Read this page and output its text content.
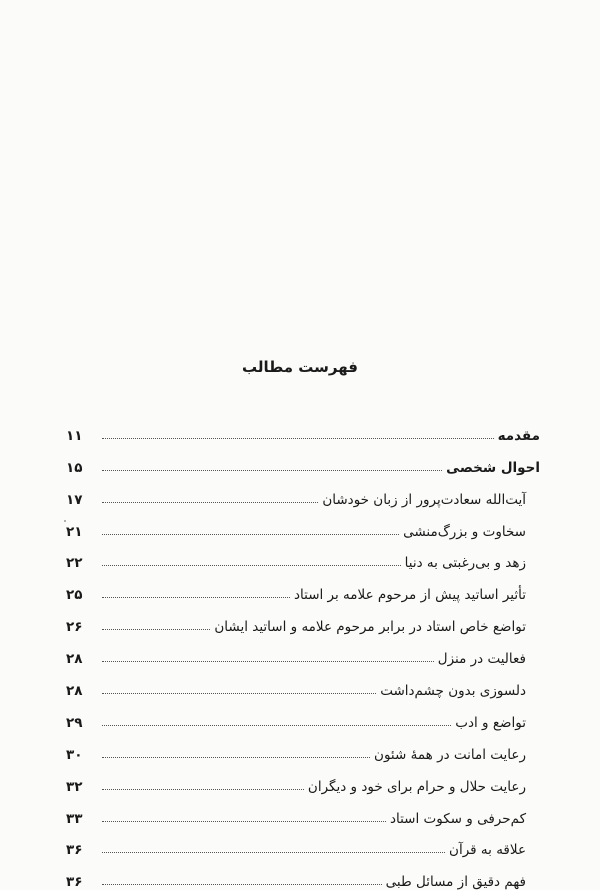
فهرست مطالب
مقدمه
۱۱
احوال شخصی
۱۵
آیت‌الله سعادت‌پرور از زبان خودشان
۱۷
سخاوت و بزرگ‌منشی
۲۱
زهد و بی‌رغبتی به دنیا
۲۲
تأثیر اساتید پیش از مرحوم علامه بر استاد
۲۵
تواضع خاص استاد در برابر مرحوم علامه و اساتید ایشان
۲۶
فعالیت در منزل
۲۸
دلسوزی بدون چشم‌داشت
۲۸
تواضع و ادب
۲۹
رعایت امانت در همهٔ شئون
۳۰
رعایت حلال و حرام برای خود و دیگران
۳۲
کم‌حرفی و سکوت استاد
۳۳
علاقه به قرآن
۳۶
فهم دقیق از مسائل طبی
۳۶
